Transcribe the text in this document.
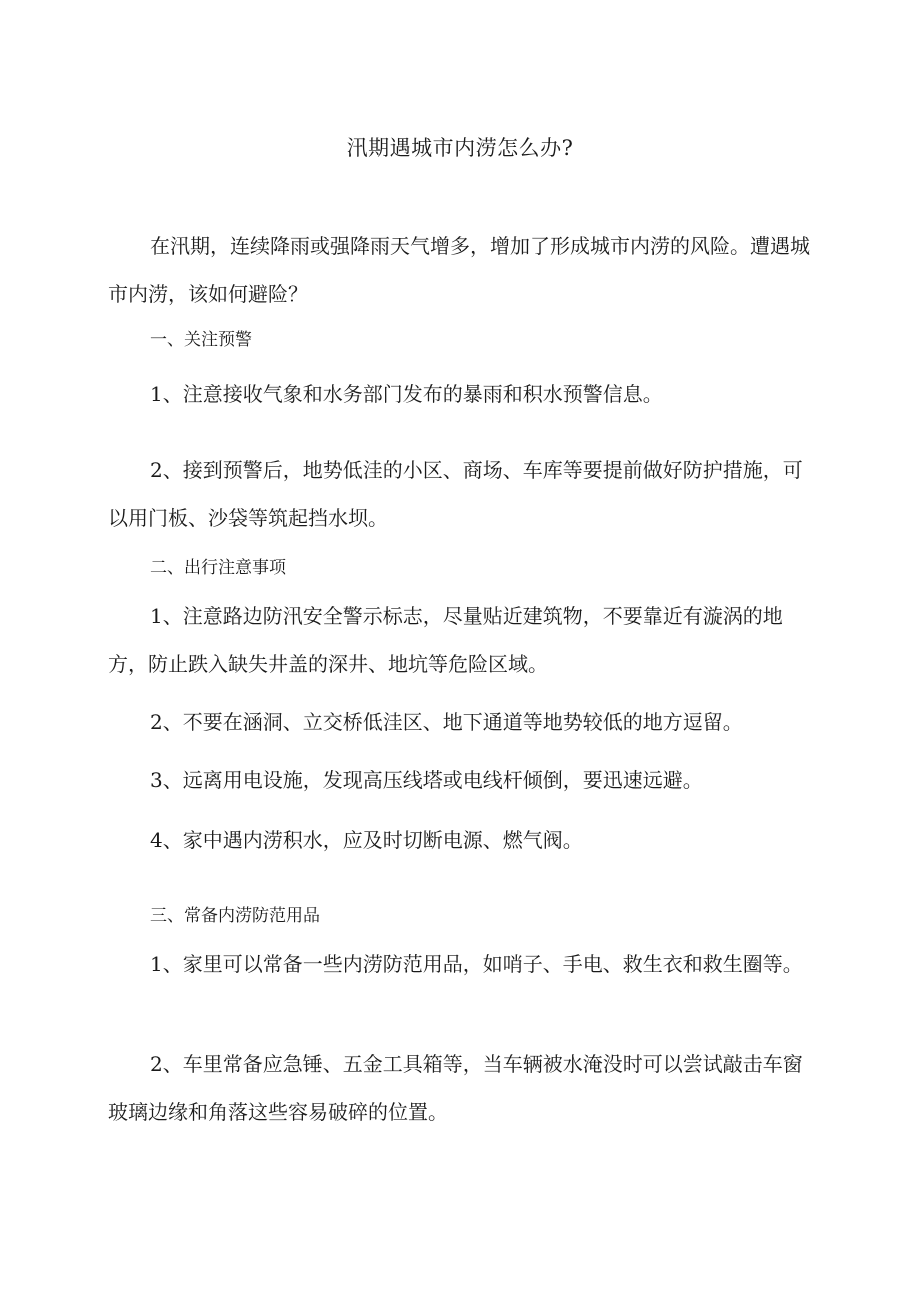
汛期遇城市内涝怎么办?

在汛期，连续降雨或强降雨天气增多，增加了形成城市内涝的风险。遭遇城市内涝，该如何避险？

一、关注预警

1、注意接收气象和水务部门发布的暴雨和积水预警信息。

2、接到预警后，地势低洼的小区、商场、车库等要提前做好防护措施，可以用门板、沙袋等筑起挡水坝。

二、出行注意事项

1、注意路边防汛安全警示标志，尽量贴近建筑物，不要靠近有漩涡的地方，防止跌入缺失井盖的深井、地坑等危险区域。

2、不要在涵洞、立交桥低洼区、地下通道等地势较低的地方逗留。

3、远离用电设施，发现高压线塔或电线杆倾倒，要迅速远避。

4、家中遇内涝积水，应及时切断电源、燃气阀。

三、常备内涝防范用品

1、家里可以常备一些内涝防范用品，如哨子、手电、救生衣和救生圈等。

2、车里常备应急锤、五金工具箱等，当车辆被水淹没时可以尝试敲击车窗玻璃边缘和角落这些容易破碎的位置。
